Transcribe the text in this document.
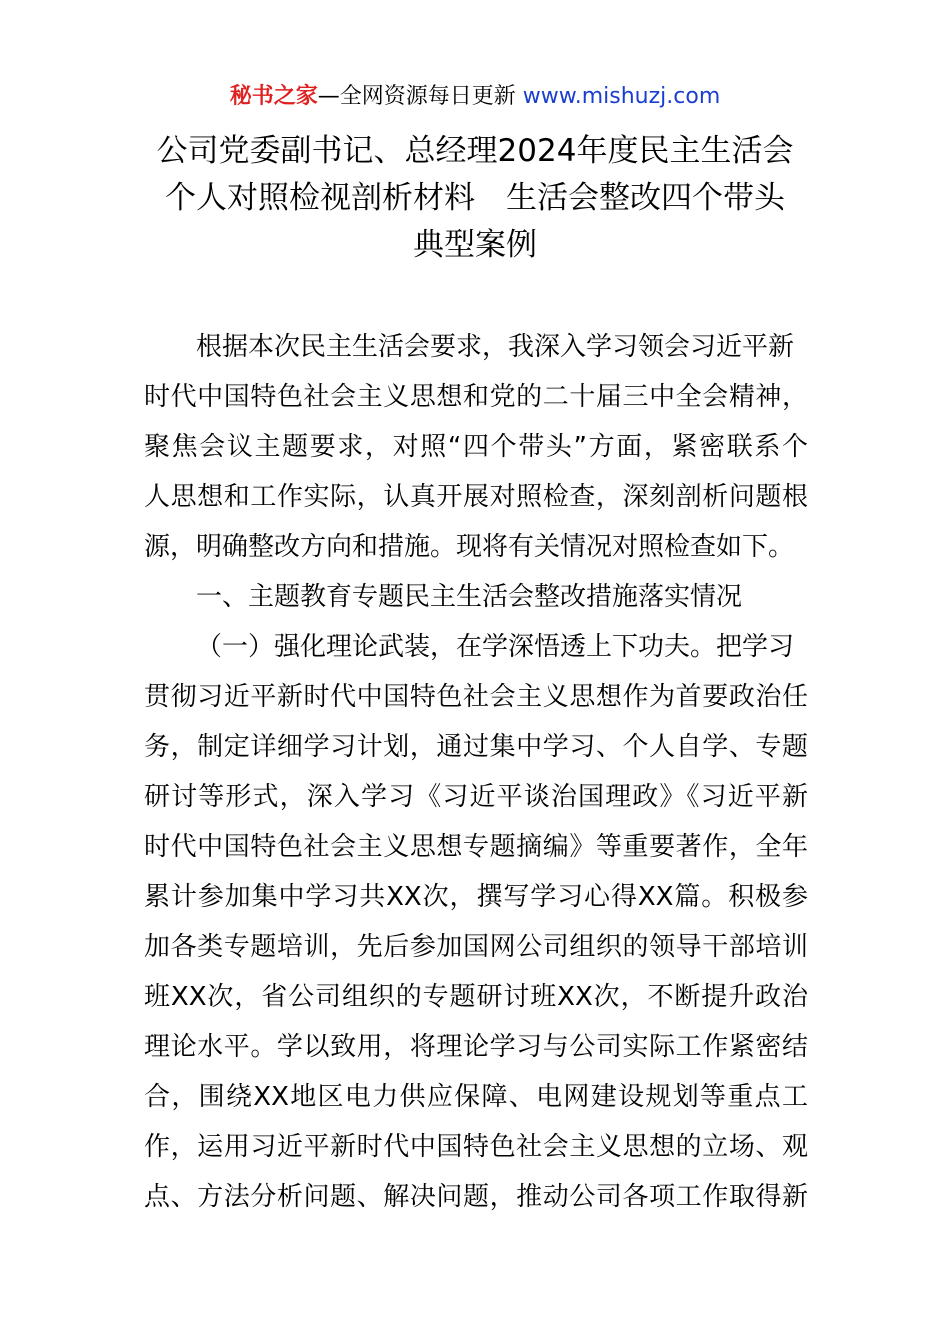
秘书之家—全网资源每日更新 www.mishuzj.com
公司党委副书记、总经理2024年度民主生活会
个人对照检视剖析材料　生活会整改四个带头
典型案例
根据本次民主生活会要求，我深入学习领会习近平新
时代中国特色社会主义思想和党的二十届三中全会精神，
聚焦会议主题要求，对照“四个带头”方面，紧密联系个
人思想和工作实际，认真开展对照检查，深刻剖析问题根
源，明确整改方向和措施。现将有关情况对照检查如下。
一、主题教育专题民主生活会整改措施落实情况
（一）强化理论武装，在学深悟透上下功夫。把学习
贯彻习近平新时代中国特色社会主义思想作为首要政治任
务，制定详细学习计划，通过集中学习、个人自学、专题
研讨等形式，深入学习《习近平谈治国理政》《习近平新
时代中国特色社会主义思想专题摘编》等重要著作，全年
累计参加集中学习共XX次，撰写学习心得XX篇。积极参
加各类专题培训，先后参加国网公司组织的领导干部培训
班XX次，省公司组织的专题研讨班XX次，不断提升政治
理论水平。学以致用，将理论学习与公司实际工作紧密结
合，围绕XX地区电力供应保障、电网建设规划等重点工
作，运用习近平新时代中国特色社会主义思想的立场、观
点、方法分析问题、解决问题，推动公司各项工作取得新
